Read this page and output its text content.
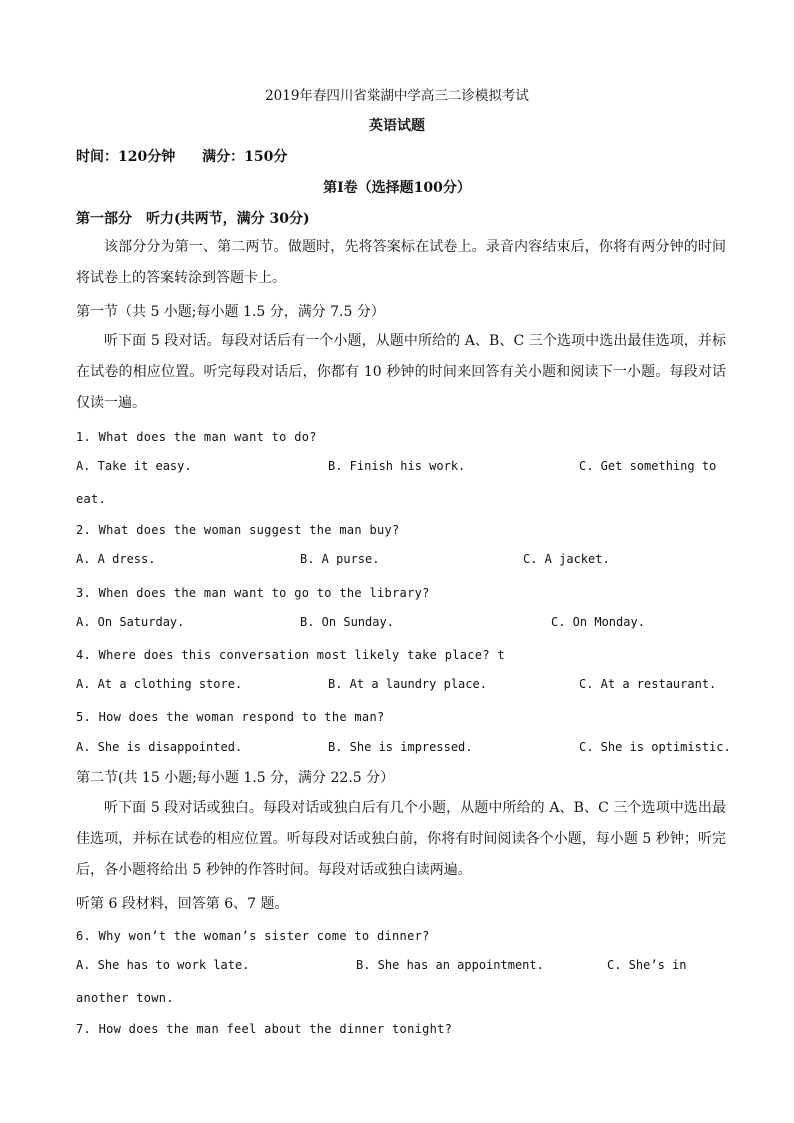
2019年春四川省棠湖中学高三二诊模拟考试
英语试题
时间：120分钟 满分：150分
第I卷（选择题100分）
第一部分　听力(共两节，满分 30分)
该部分分为第一、第二两节。做题时，先将答案标在试卷上。录音内容结束后，你将有两分钟的时间将试卷上的答案转涂到答题卡上。
第一节（共 5 小题;每小题 1.5 分，满分 7.5 分）
听下面 5 段对话。每段对话后有一个小题，从题中所给的 A、B、C 三个选项中选出最佳选项，并标在试卷的相应位置。听完每段对话后，你都有 10 秒钟的时间来回答有关小题和阅读下一小题。每段对话仅读一遍。
1. What does the man want to do?
A. Take it easy.	B. Finish his work.	C. Get something to
eat.
2. What does the woman suggest the man buy?
A. A dress.	B. A purse.	C. A jacket.
3. When does the man want to go to the library?
A. On Saturday.	B. On Sunday.	C. On Monday.
4. Where does this conversation most likely take place? t
A. At a clothing store.	B. At a laundry place.	C. At a restaurant.
5. How does the woman respond to the man?
A. She is disappointed.	B. She is impressed.	C. She is optimistic.
第二节(共 15 小题;每小题 1.5 分，满分 22.5 分）
听下面 5 段对话或独白。每段对话或独白后有几个小题，从题中所给的 A、B、C 三个选项中选出最佳选项，并标在试卷的相应位置。听每段对话或独白前，你将有时间阅读各个小题，每小题 5 秒钟；听完后，各小题将给出 5 秒钟的作答时间。每段对话或独白读两遍。
听第 6 段材料，回答第 6、7 题。
6. Why won’t the woman’s sister come to dinner?
A. She has to work late.	B. She has an appointment.	C. She’s in
another town.
7. How does the man feel about the dinner tonight?
